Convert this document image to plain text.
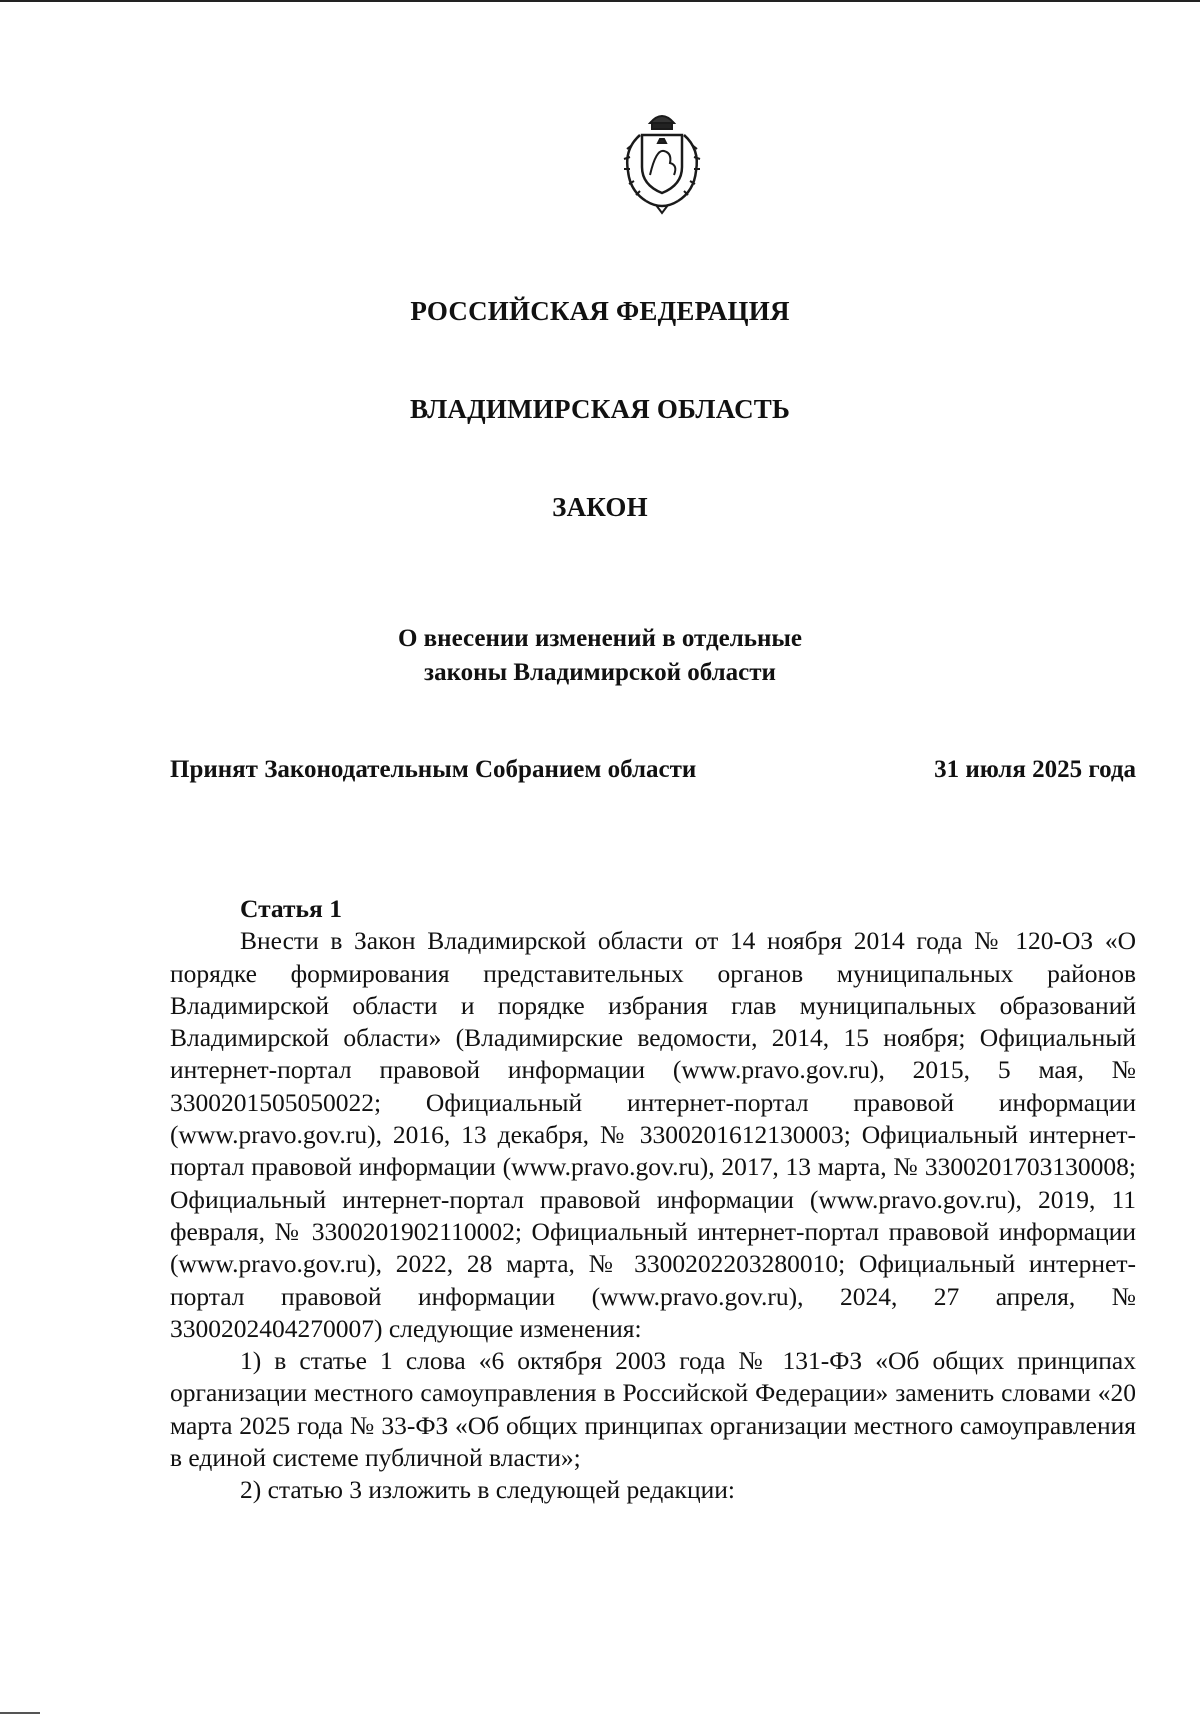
РОССИЙСКАЯ ФЕДЕРАЦИЯ
ВЛАДИМИРСКАЯ ОБЛАСТЬ
ЗАКОН
О внесении изменений в отдельные
законы Владимирской области
Принят Законодательным Собранием области	31 июля 2025 года
Статья 1

Внести в Закон Владимирской области от 14 ноября 2014 года № 120-ОЗ «О порядке формирования представительных органов муниципальных районов Владимирской области и порядке избрания глав муниципальных образований Владимирской области» (Владимирские ведомости, 2014, 15 ноября; Официальный интернет-портал правовой информации (www.pravo.gov.ru), 2015, 5 мая, № 3300201505050022; Официальный интернет-портал правовой информации (www.pravo.gov.ru), 2016, 13 декабря, № 3300201612130003; Официальный интернет-портал правовой информации (www.pravo.gov.ru), 2017, 13 марта, № 3300201703130008; Официальный интернет-портал правовой информации (www.pravo.gov.ru), 2019, 11 февраля, № 3300201902110002; Официальный интернет-портал правовой информации (www.pravo.gov.ru), 2022, 28 марта, № 3300202203280010; Официальный интернет-портал правовой информации (www.pravo.gov.ru), 2024, 27 апреля, № 3300202404270007) следующие изменения:

1) в статье 1 слова «6 октября 2003 года № 131-ФЗ «Об общих принципах организации местного самоуправления в Российской Федерации» заменить словами «20 марта 2025 года № 33-ФЗ «Об общих принципах организации местного самоуправления в единой системе публичной власти»;

2) статью 3 изложить в следующей редакции:
